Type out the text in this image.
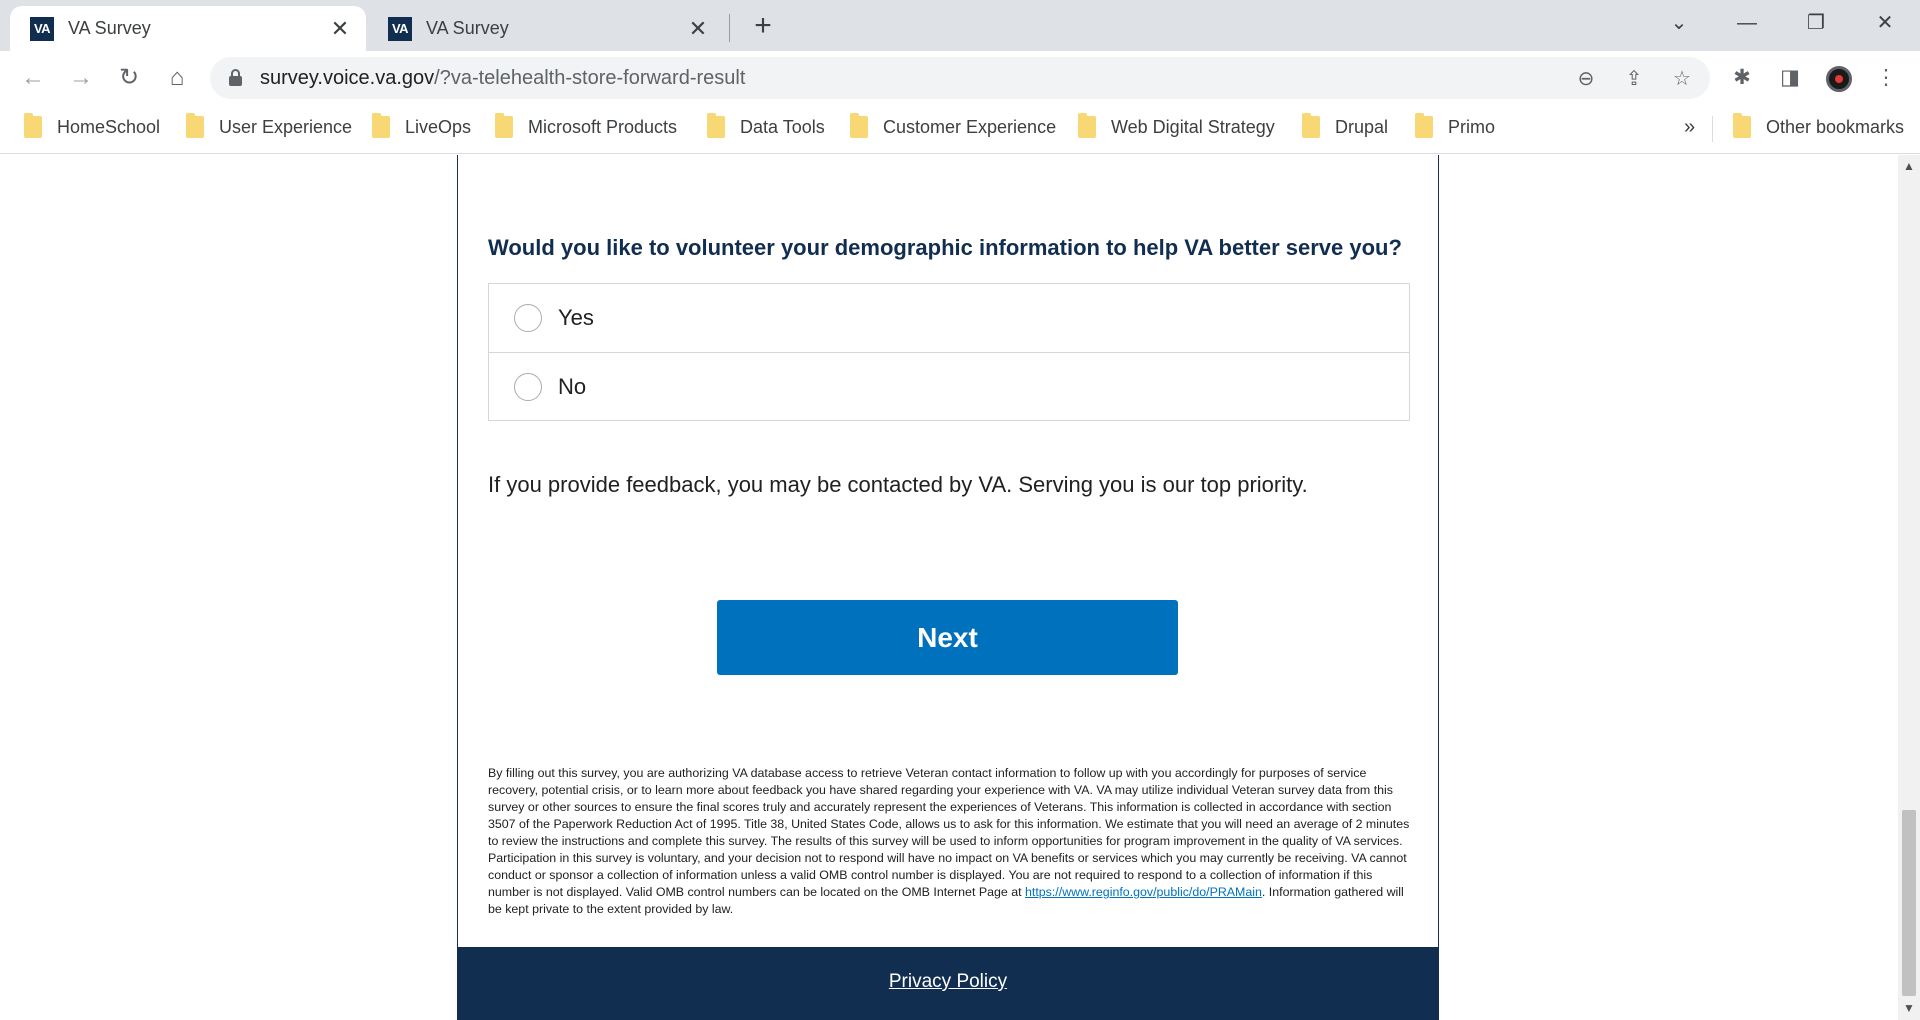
VA VA Survey	✕	VA VA Survey	✕ +	⌄	—	❐	✕
← → ↻	⌂	survey.voice.va.gov/?va-telehealth-store-forward-result	⊖ ⇪ ☆ ✱ ◨	⋮
HomeSchool	User Experience	LiveOps	Microsoft Products	Data Tools	Customer Experience	Web Digital Strategy	Drupal	Primo	»	Other bookmarks
Would you like to volunteer your demographic information to help VA better serve you?
Yes
No
If you provide feedback, you may be contacted by VA. Serving you is our top priority.
Next
By filling out this survey, you are authorizing VA database access to retrieve Veteran contact information to follow up with you accordingly for purposes of service recovery, potential crisis, or to learn more about feedback you have shared regarding your experience with VA. VA may utilize individual Veteran survey data from this survey or other sources to ensure the final scores truly and accurately represent the experiences of Veterans. This information is collected in accordance with section 3507 of the Paperwork Reduction Act of 1995. Title 38, United States Code, allows us to ask for this information. We estimate that you will need an average of 2 minutes to review the instructions and complete this survey. The results of this survey will be used to inform opportunities for program improvement in the quality of VA services. Participation in this survey is voluntary, and your decision not to respond will have no impact on VA benefits or services which you may currently be receiving. VA cannot conduct or sponsor a collection of information unless a valid OMB control number is displayed. You are not required to respond to a collection of information if this number is not displayed. Valid OMB control numbers can be located on the OMB Internet Page at https://www.reginfo.gov/public/do/PRAMain. Information gathered will be kept private to the extent provided by law.
Privacy Policy
▲
▼
